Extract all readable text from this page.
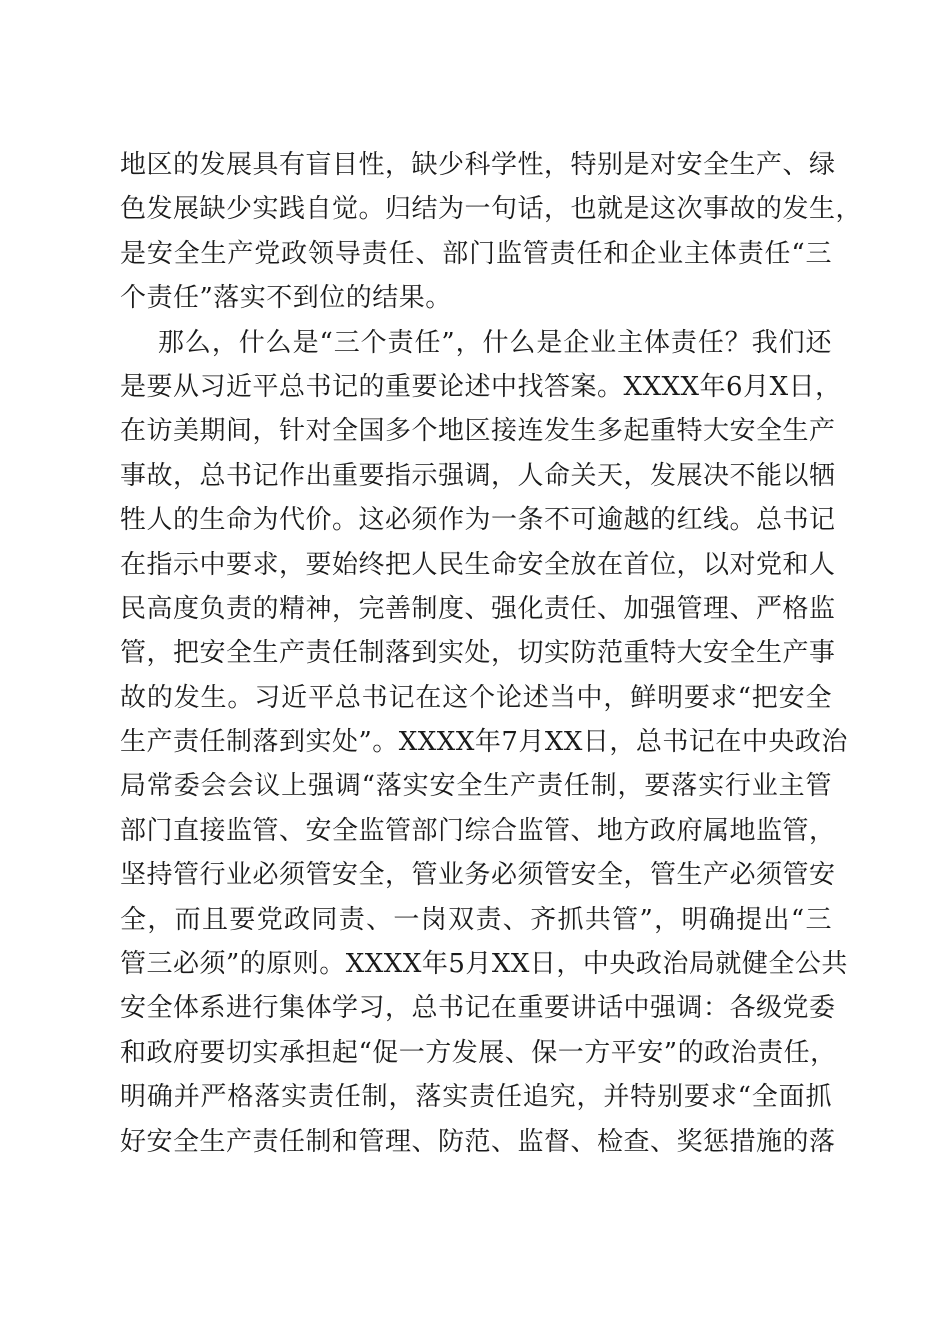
地区的发展具有盲目性，缺少科学性，特别是对安全生产、绿
色发展缺少实践自觉。归结为一句话，也就是这次事故的发生，
是安全生产党政领导责任、部门监管责任和企业主体责任“三
个责任”落实不到位的结果。
那么，什么是“三个责任”，什么是企业主体责任？我们还
是要从习近平总书记的重要论述中找答案。XXXX年6月X日，
在访美期间，针对全国多个地区接连发生多起重特大安全生产
事故，总书记作出重要指示强调，人命关天，发展决不能以牺
牲人的生命为代价。这必须作为一条不可逾越的红线。总书记
在指示中要求，要始终把人民生命安全放在首位，以对党和人
民高度负责的精神，完善制度、强化责任、加强管理、严格监
管，把安全生产责任制落到实处，切实防范重特大安全生产事
故的发生。习近平总书记在这个论述当中，鲜明要求“把安全
生产责任制落到实处”。XXXX年7月XX日，总书记在中央政治
局常委会会议上强调“落实安全生产责任制，要落实行业主管
部门直接监管、安全监管部门综合监管、地方政府属地监管，
坚持管行业必须管安全，管业务必须管安全，管生产必须管安
全，而且要党政同责、一岗双责、齐抓共管”，明确提出“三
管三必须”的原则。XXXX年5月XX日，中央政治局就健全公共
安全体系进行集体学习，总书记在重要讲话中强调：各级党委
和政府要切实承担起“促一方发展、保一方平安”的政治责任，
明确并严格落实责任制，落实责任追究，并特别要求“全面抓
好安全生产责任制和管理、防范、监督、检查、奖惩措施的落
